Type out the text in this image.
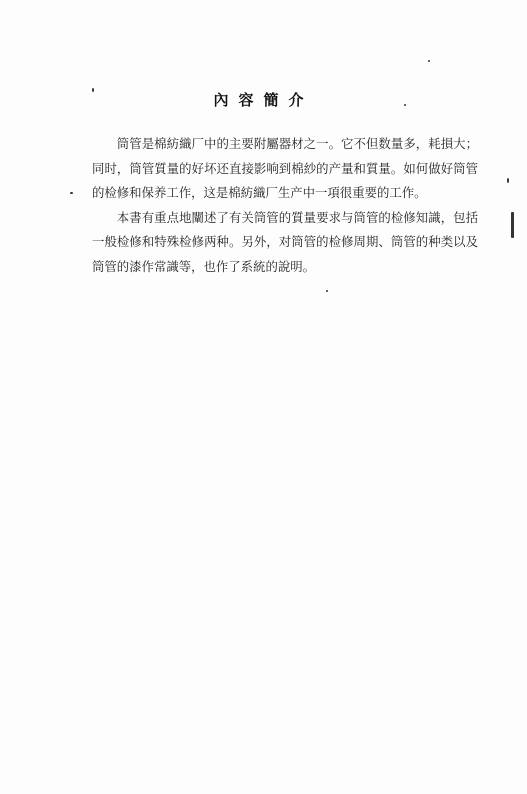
內容簡介

筒管是棉紡織厂中的主要附屬器材之一。它不但数量多，耗損大；同时，筒管質量的好坏还直接影响到棉紗的产量和質量。如何做好筒管的检修和保养工作，这是棉紡織厂生产中一項很重要的工作。

本書有重点地闡述了有关筒管的質量要求与筒管的检修知識，包括一般检修和特殊检修两种。另外，对筒管的检修周期、筒管的种类以及筒管的漆作常識等，也作了系統的說明。
